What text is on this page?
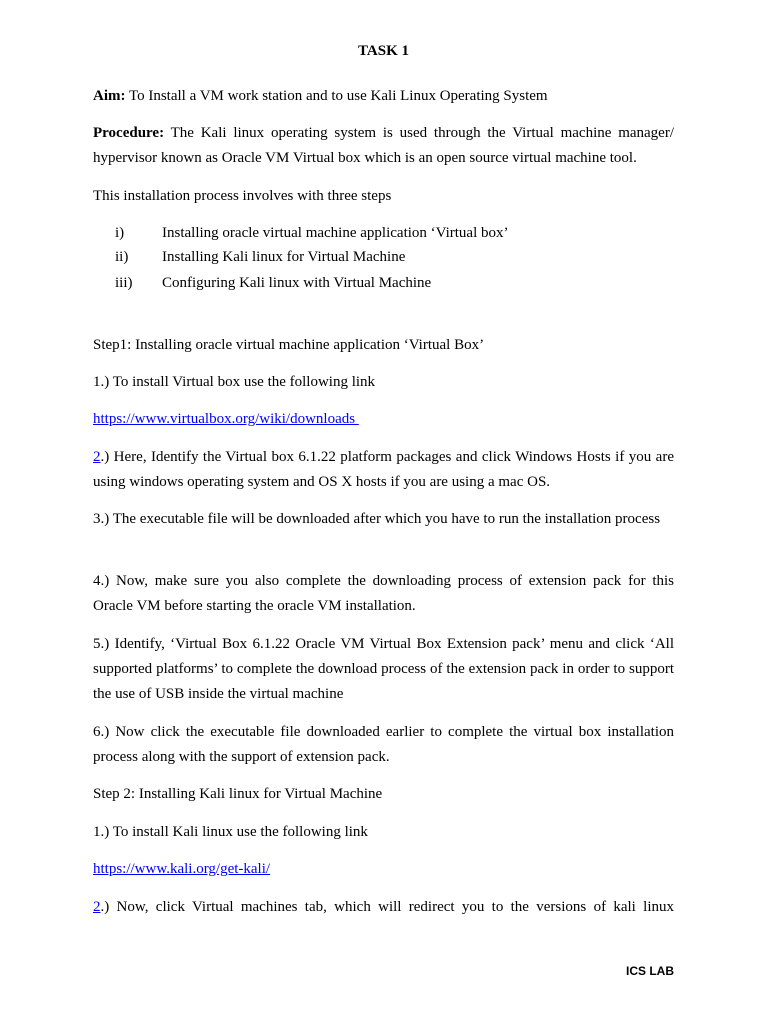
TASK 1
Aim: To Install a VM work station and to use Kali Linux Operating System
Procedure: The Kali linux operating system is used through the Virtual machine manager/ hypervisor known as Oracle VM Virtual box which is an open source virtual machine tool.
This installation process involves with three steps
i)	Installing oracle virtual machine application ‘Virtual box’
ii) Installing Kali linux for Virtual Machine
iii) Configuring Kali linux with Virtual Machine
Step1: Installing oracle virtual machine application ‘Virtual Box’
1.) To install Virtual box use the following link
https://www.virtualbox.org/wiki/downloads
2.) Here, Identify the Virtual box 6.1.22 platform packages and click Windows Hosts if you are using windows operating system and OS X hosts if you are using a mac OS.
3.) The executable file will be downloaded after which you have to run the installation process
4.) Now, make sure you also complete the downloading process of extension pack for this Oracle VM before starting the oracle VM installation.
5.) Identify, ‘Virtual Box 6.1.22 Oracle VM Virtual Box Extension pack’ menu and click ‘All supported platforms’ to complete the download process of the extension pack in order to support the use of USB inside the virtual machine
6.) Now click the executable file downloaded earlier to complete the virtual box installation process along with the support of extension pack.
Step 2: Installing Kali linux for Virtual Machine
1.) To install Kali linux use the following link
https://www.kali.org/get-kali/
2.) Now, click Virtual machines tab, which will redirect you to the versions of kali linux
ICS LAB
